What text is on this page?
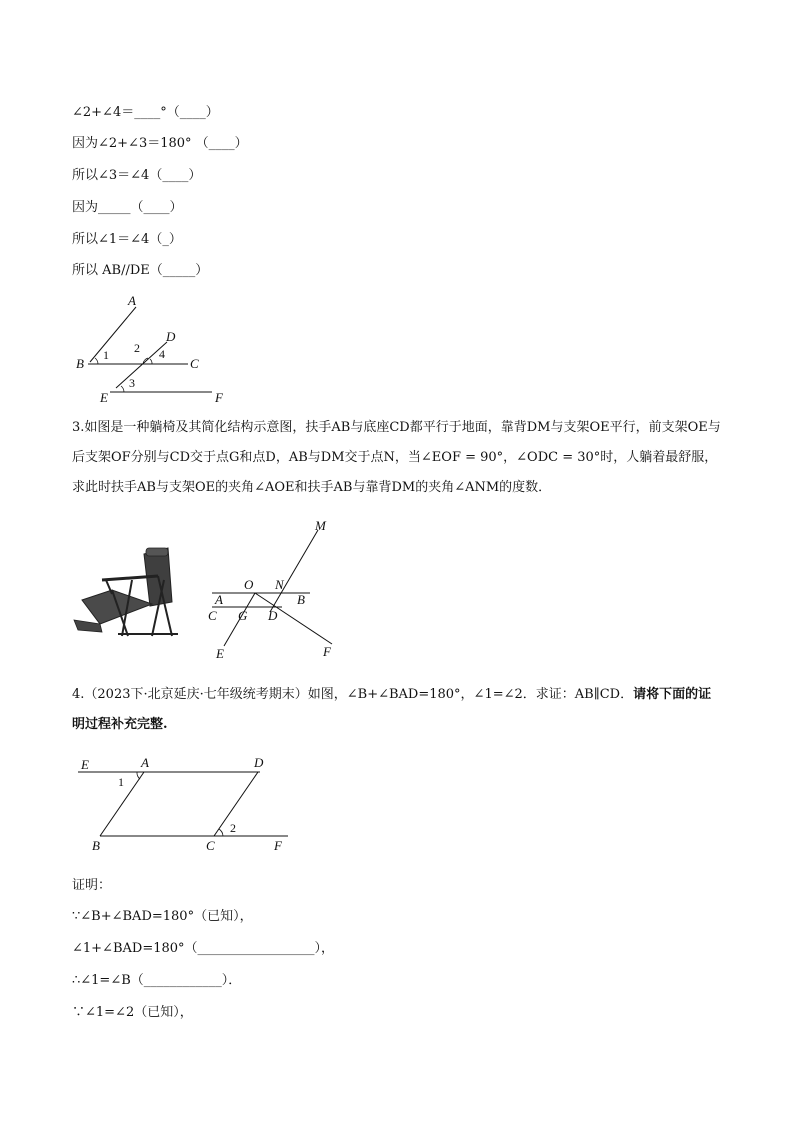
∠2+∠4＝____°（____）
因为∠2+∠3＝180° （____）
所以∠3＝∠4（____）
因为_____（____）
所以∠1＝∠4（_）
所以 AB//DE（_____）
A
D
B	C
E	F
1 2 4
3
3.如图是一种躺椅及其简化结构示意图，扶手AB与底座CD都平行于地面，靠背DM与支架OE平行，前支架OE与后支架OF分别与CD交于点G和点D，AB与DM交于点N，当∠EOF = 90°，∠ODC = 30°时，人躺着最舒服，求此时扶手AB与支架OE的夹角∠AOE和扶手AB与靠背DM的夹角∠ANM的度数．
M
O N
A	B
C G D
E	F
4.（2023下·北京延庆·七年级统考期末）如图，∠B+∠BAD=180°，∠1=∠2．求证：AB∥CD．请将下面的证明过程补充完整.
E	A	D
1
2
B	C	F
证明：
∵∠B+∠BAD=180°（已知），
∠1+∠BAD=180°（__________________），
∴∠1=∠B（____________）．
∵∠1=∠2（已知），
